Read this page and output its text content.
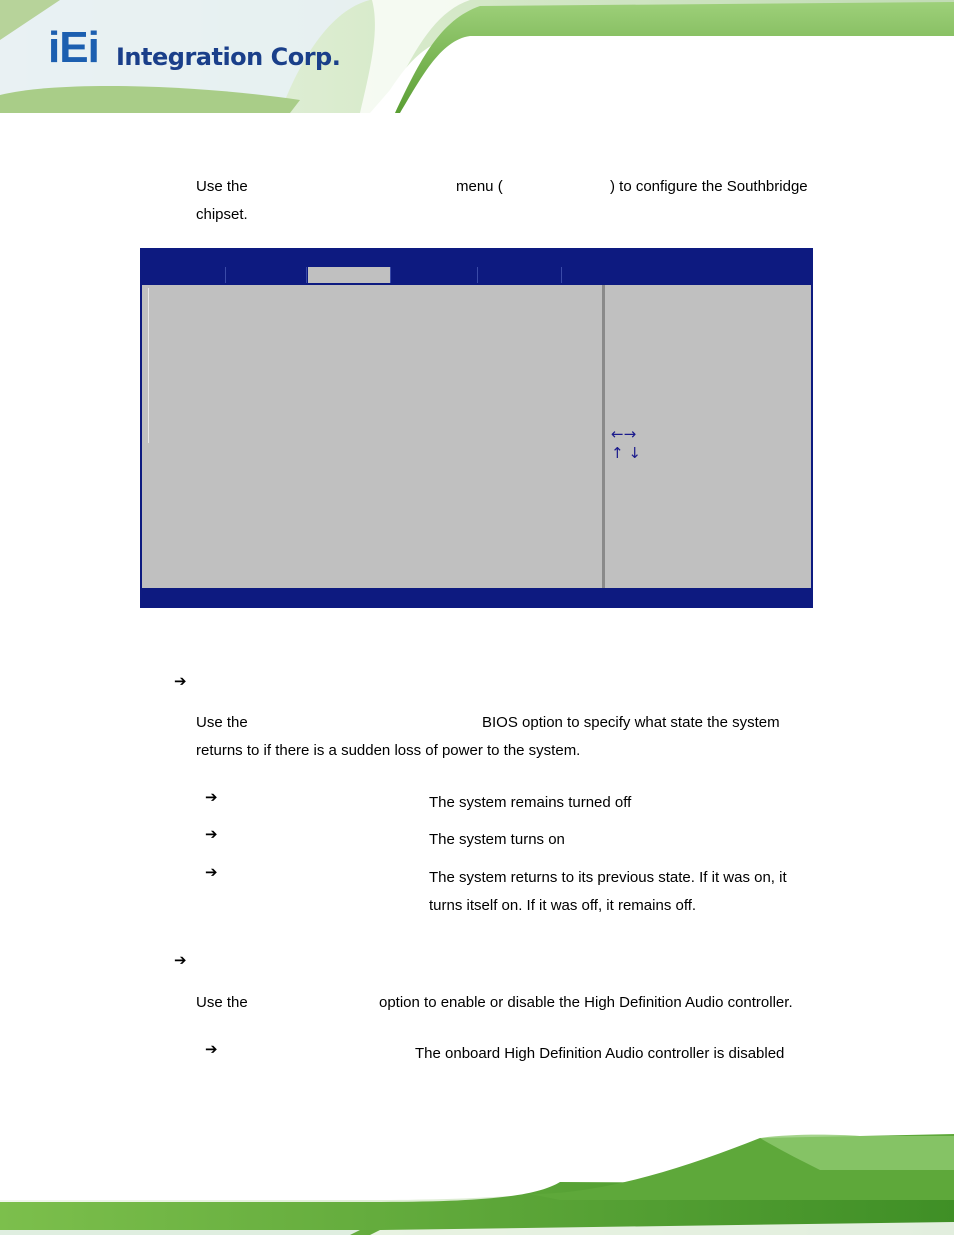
iEi Integration Corp.
Use the	menu (	) to configure the Southbridge
chipset.
←→
↑ ↓
➔
Use the	BIOS option to specify what state the system
returns to if there is a sudden loss of power to the system.
➔	The system remains turned off
➔	The system turns on
➔	The system returns to its previous state. If it was on, it
turns itself on. If it was off, it remains off.
➔
Use the	option to enable or disable the High Definition Audio controller.
➔	The onboard High Definition Audio controller is disabled
